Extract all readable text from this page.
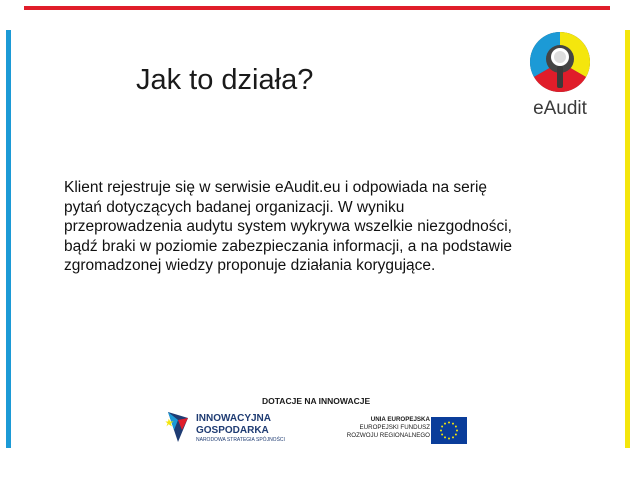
Jak to działa?
eAudit

Klient rejestruje się w serwisie eAudit.eu i odpowiada na serię pytań dotyczących badanej organizacji. W wyniku przeprowadzenia audytu system wykrywa wszelkie niezgodności, bądź braki w poziomie zabezpieczania informacji, a na podstawie zgromadzonej wiedzy proponuje działania korygujące.

DOTACJE NA INNOWACJE
INNOWACYJNA
GOSPODARKA
NARODOWA STRATEGIA SPÓJNOŚCI
UNIA EUROPEJSKA
EUROPEJSKI FUNDUSZ
ROZWOJU REGIONALNEGO
